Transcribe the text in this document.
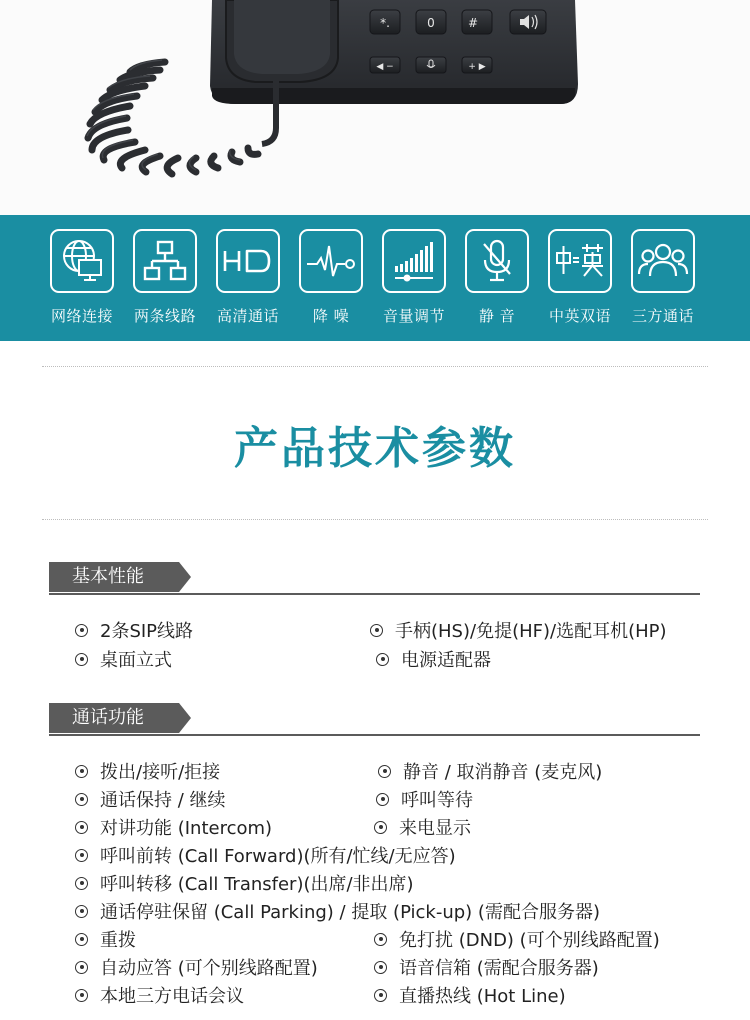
*.	0	#
◀ −	+ ▶
网络连接	两条线路	高清通话	降 噪	音量调节	静 音	中英双语	三方通话
产品技术参数
基本性能
2条SIP线路	手柄(HS)/免提(HF)/选配耳机(HP)
桌面立式	电源适配器
通话功能
拨出/接听/拒接	静音 / 取消静音 (麦克风)
通话保持 / 继续	呼叫等待
对讲功能 (Intercom)	来电显示
呼叫前转 (Call Forward)(所有/忙线/无应答)
呼叫转移 (Call Transfer)(出席/非出席)
通话停驻保留 (Call Parking) / 提取 (Pick-up) (需配合服务器)
重拨	免打扰 (DND) (可个别线路配置)
自动应答 (可个别线路配置)	语音信箱 (需配合服务器)
本地三方电话会议	直播热线 (Hot Line)
